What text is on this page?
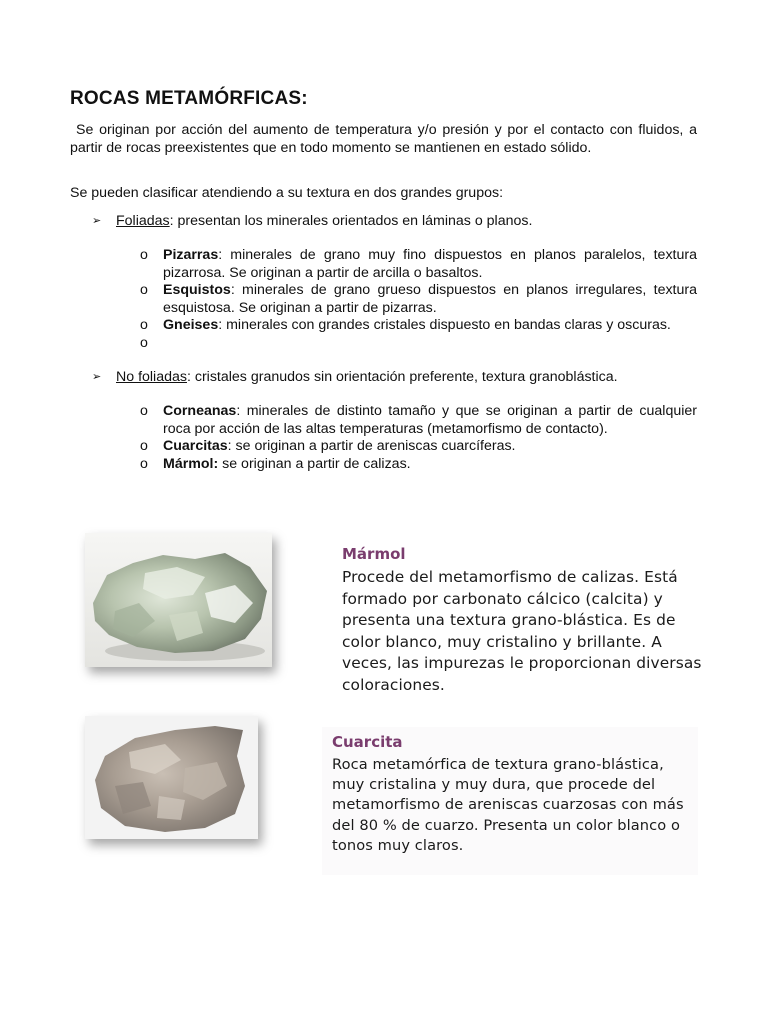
ROCAS METAMÓRFICAS:

Se originan por acción del aumento de temperatura y/o presión y por el contacto con fluidos, a partir de rocas preexistentes que en todo momento se mantienen en estado sólido.

Se pueden clasificar atendiendo a su textura en dos grandes grupos:

➢ Foliadas: presentan los minerales orientados en láminas o planos.
o Pizarras: minerales de grano muy fino dispuestos en planos paralelos, textura pizarrosa. Se originan a partir de arcilla o basaltos.
o Esquistos: minerales de grano grueso dispuestos en planos irregulares, textura esquistosa. Se originan a partir de pizarras.
o Gneises: minerales con grandes cristales dispuesto en bandas claras y oscuras.
o
➢ No foliadas: cristales granudos sin orientación preferente, textura granoblástica.
o Corneanas: minerales de distinto tamaño y que se originan a partir de cualquier roca por acción de las altas temperaturas (metamorfismo de contacto).
o Cuarcitas: se originan a partir de areniscas cuarcíferas.
o Mármol: se originan a partir de calizas.

Mármol

Procede del metamorfismo de calizas. Está formado por carbonato cálcico (calcita) y presenta una textura grano-blástica. Es de color blanco, muy cristalino y brillante. A veces, las impurezas le proporcionan diversas coloraciones.

Cuarcita

Roca metamórfica de textura grano-blástica, muy cristalina y muy dura, que procede del metamorfismo de areniscas cuarzosas con más del 80 % de cuarzo. Presenta un color blanco o tonos muy claros.
